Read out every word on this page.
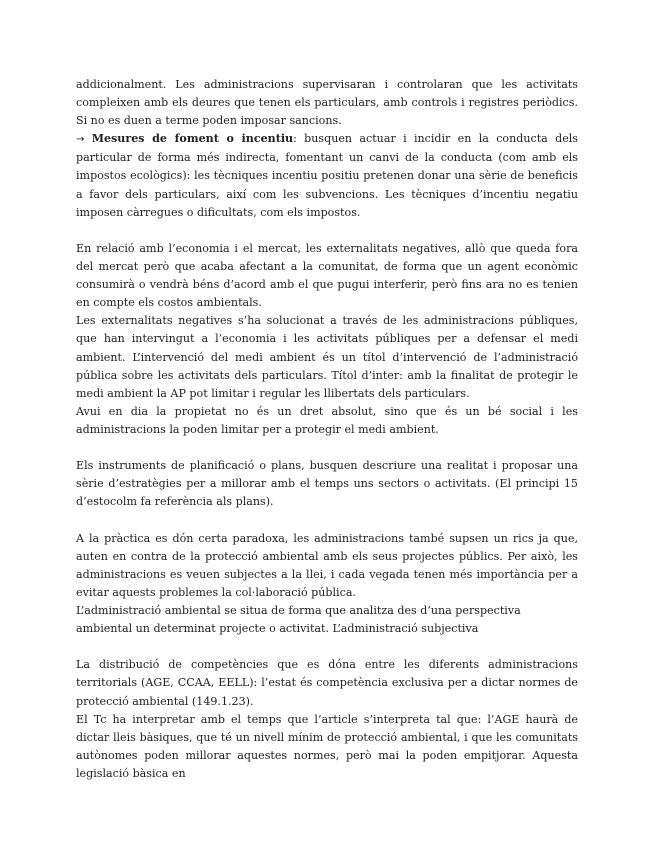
addicionalment. Les administracions supervisaran i controlaran que les activitats compleixen amb els deures que tenen els particulars, amb controls i registres periòdics. Si no es duen a terme poden imposar sancions.

→ Mesures de foment o incentiu: busquen actuar i incidir en la conducta dels particular de forma més indirecta, fomentant un canvi de la conducta (com amb els impostos ecològics): les tècniques incentiu positiu pretenen donar una sèrie de beneficis a favor dels particulars, així com les subvencions. Les tècniques d’incentiu negatiu imposen càrregues o dificultats, com els impostos.

En relació amb l’economia i el mercat, les externalitats negatives, allò que queda fora del mercat però que acaba afectant a la comunitat, de forma que un agent econòmic consumirà o vendrà béns d’acord amb el que pugui interferir, però fins ara no es tenien en compte els costos ambientals.

Les externalitats negatives s’ha solucionat a través de les administracions públiques, que han intervingut a l’economia i les activitats públiques per a defensar el medi ambient. L’intervenció del medi ambient és un títol d’intervenció de l’administració pública sobre les activitats dels particulars. Títol d’inter: amb la finalitat de protegir le medi ambient la AP pot limitar i regular les llibertats dels particulars.

Avui en dia la propietat no és un dret absolut, sino que és un bé social i les administracions la poden limitar per a protegir el medi ambient.

Els instruments de planificació o plans, busquen descriure una realitat i proposar una sèrie d’estratègies per a millorar amb el temps uns sectors o activitats. (El principi 15 d’estocolm fa referència als plans).

A la pràctica es dón certa paradoxa, les administracions també supsen un rics ja que, auten en contra de la protecció ambiental amb els seus projectes públics. Per això, les administracions es veuen subjectes a la llei, i cada vegada tenen més importància per a evitar aquests problemes la col·laboració pública.

L’administració ambiental se situa de forma que analitza des d’una perspectiva ambiental un determinat projecte o activitat. L’administració subjectiva

La distribució de competències que es dóna entre les diferents administracions territorials (AGE, CCAA, EELL): l’estat és competència exclusiva per a dictar normes de protecció ambiental (149.1.23).

El Tc ha interpretar amb el temps que l’article s’interpreta tal que: l’AGE haurà de dictar lleis bàsiques, que té un nivell mínim de protecció ambiental, i que les comunitats autònomes poden millorar aquestes normes, però mai la poden empitjorar. Aquesta legislació bàsica en
